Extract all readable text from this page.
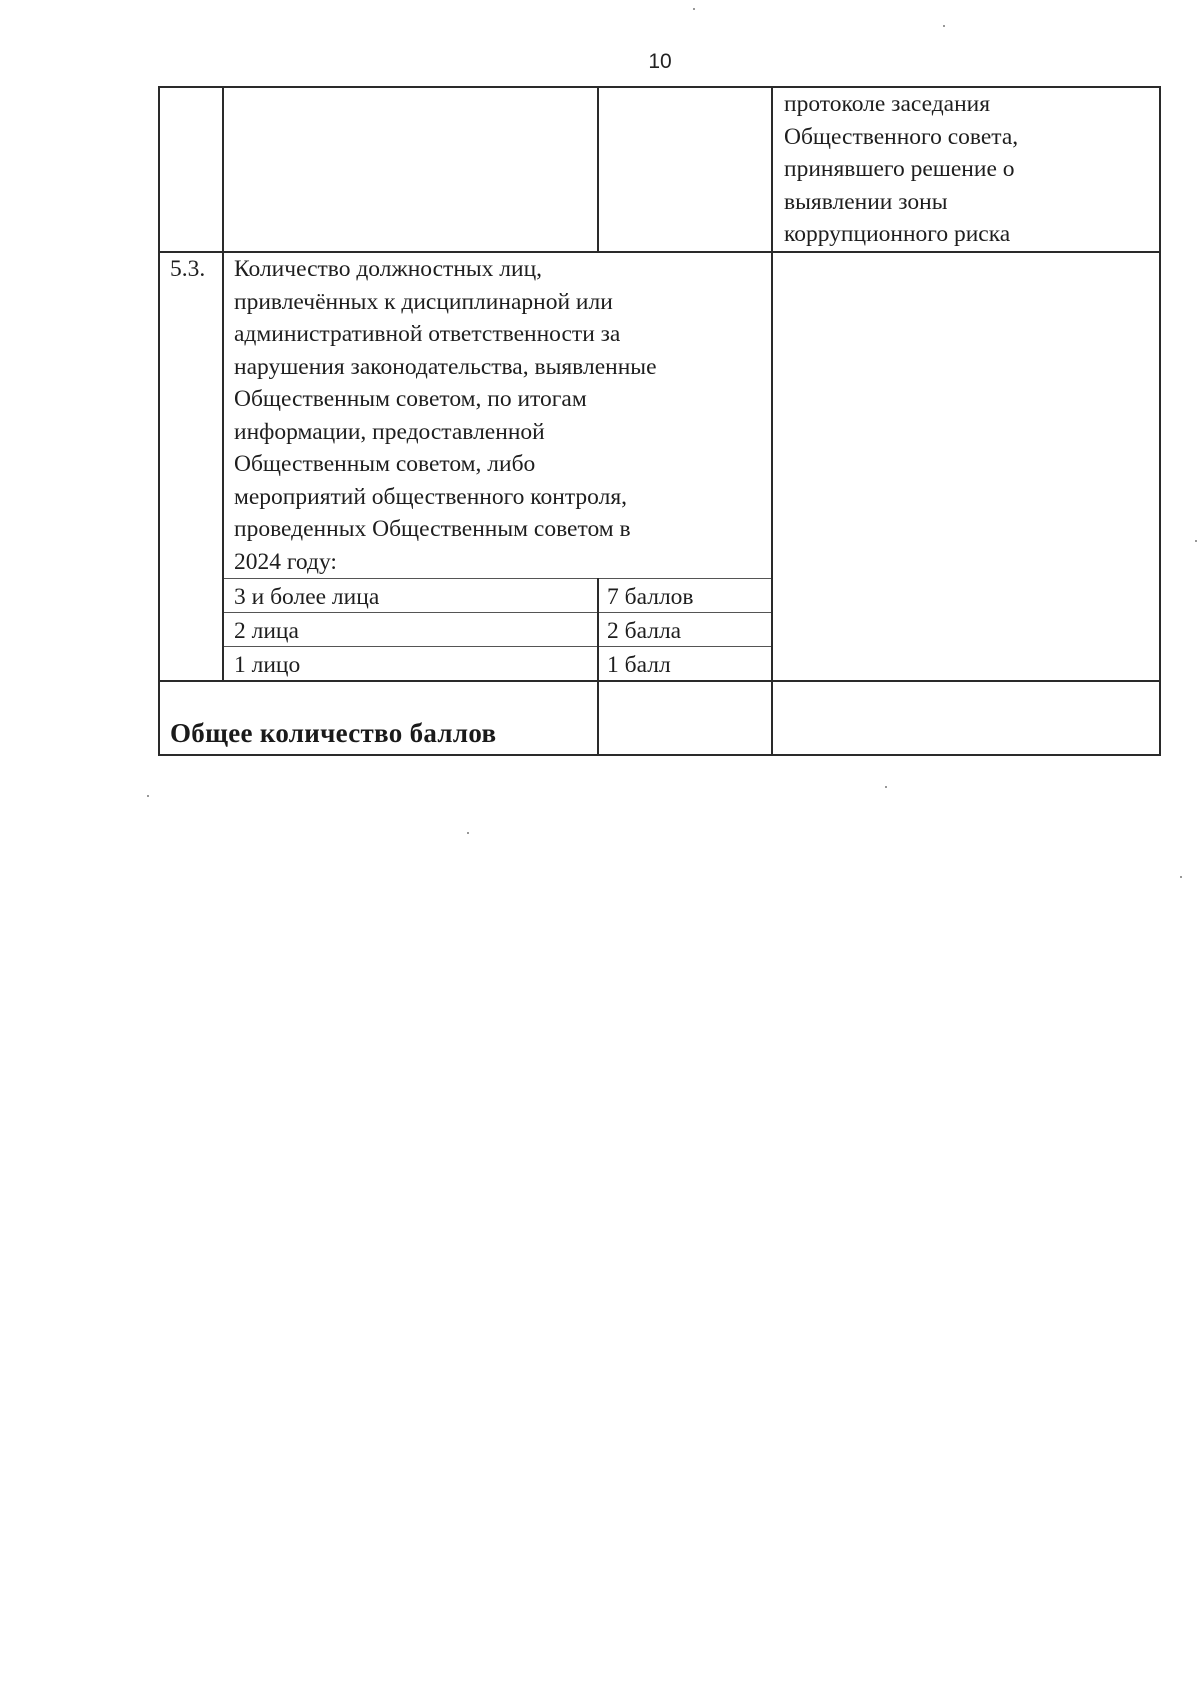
10
протоколе заседания
Общественного совета,
принявшего решение о
выявлении зоны
коррупционного риска
5.3. Количество должностных лиц,
привлечённых к дисциплинарной или
административной ответственности за
нарушения законодательства, выявленные
Общественным советом, по итогам
информации, предоставленной
Общественным советом, либо
мероприятий общественного контроля,
проведенных Общественным советом в
2024 году:
3 и более лица	7 баллов
2 лица	2 балла
1 лицо	1 балл
Общее количество баллов
